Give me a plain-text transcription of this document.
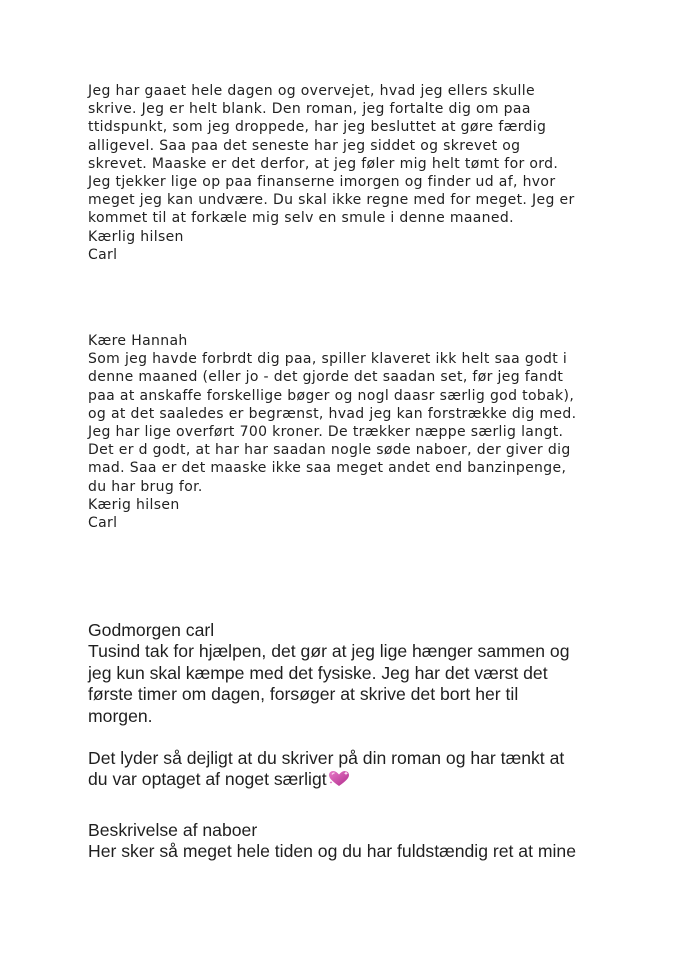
Jeg har gaaet hele dagen og overvejet, hvad jeg ellers skulle

skrive. Jeg er helt blank. Den roman, jeg fortalte dig om paa

ttidspunkt, som jeg droppede, har jeg besluttet at gøre færdig

alligevel. Saa paa det seneste har jeg siddet og skrevet og

skrevet. Maaske er det derfor, at jeg føler mig helt tømt for ord.

Jeg tjekker lige op paa finanserne imorgen og finder ud af, hvor

meget jeg kan undvære. Du skal ikke regne med for meget. Jeg er

kommet til at forkæle mig selv en smule i denne maaned.

Kærlig hilsen

Carl

Kære Hannah

Som jeg havde forbrdt dig paa, spiller klaveret ikk helt saa godt i

denne maaned (eller jo - det gjorde det saadan set, før jeg fandt

paa at anskaffe forskellige bøger og nogl daasr særlig god tobak),

og at det saaledes er begrænst, hvad jeg kan forstrække dig med.

Jeg har lige overført 700 kroner. De trækker næppe særlig langt.

Det er d godt, at har har saadan nogle søde naboer, der giver dig

mad. Saa er det maaske ikke saa meget andet end banzinpenge,

du har brug for.

Kærig hilsen

Carl

Godmorgen carl

Tusind tak for hjælpen, det gør at jeg lige hænger sammen og

jeg kun skal kæmpe med det fysiske. Jeg har det værst det

første timer om dagen, forsøger at skrive det bort her til

morgen.

Det lyder så dejligt at du skriver på din roman og har tænkt at

du var optaget af noget særligt

Beskrivelse af naboer

Her sker så meget hele tiden og du har fuldstændig ret at mine
